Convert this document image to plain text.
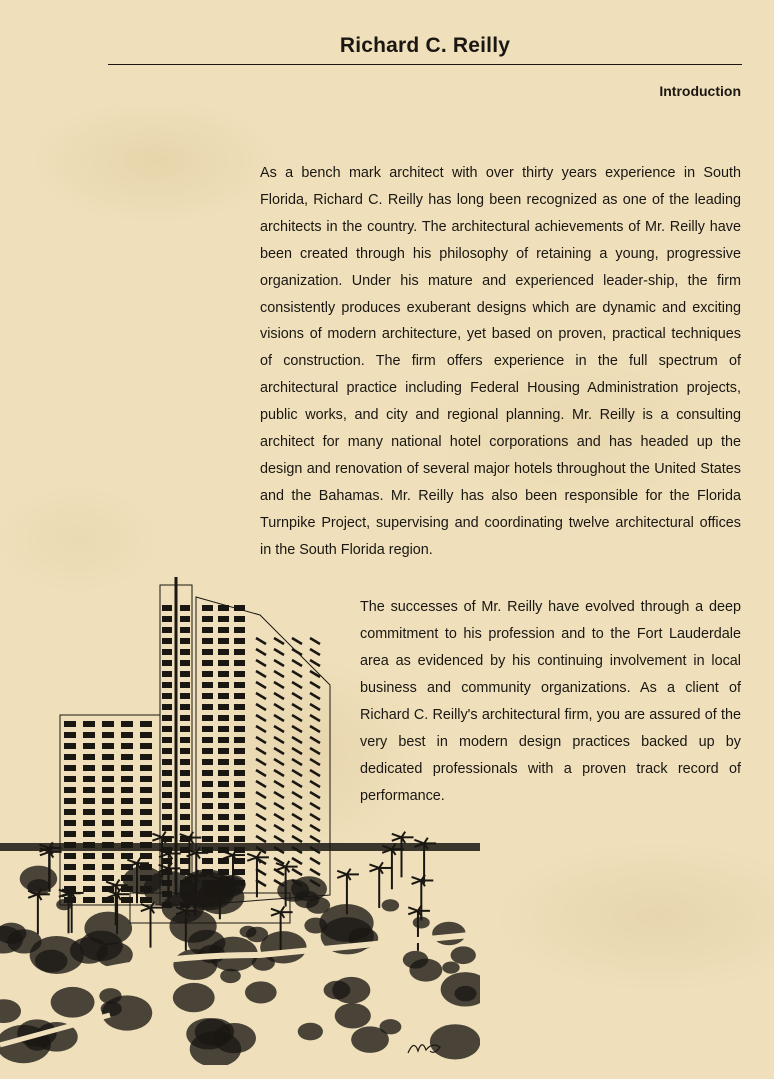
Richard C. Reilly
Introduction

As a bench mark architect with over thirty years experience in South Florida, Richard C. Reilly has long been recognized as one of the leading architects in the country. The architectural achievements of Mr. Reilly have been created through his philosophy of retaining a young, progressive organization. Under his mature and experienced leader-ship, the firm consistently produces exuberant designs which are dynamic and exciting visions of modern architecture, yet based on proven, practical techniques of construction. The firm offers experience in the full spectrum of architectural practice including Federal Housing Administration projects, public works, and city and regional planning. Mr. Reilly is a consulting architect for many national hotel corporations and has headed up the design and renovation of several major hotels throughout the United States and the Bahamas. Mr. Reilly has also been responsible for the Florida Turnpike Project, supervising and coordinating twelve architectural offices in the South Florida region.

The successes of Mr. Reilly have evolved through a deep commitment to his profession and to the Fort Lauderdale area as evidenced by his continuing involvement in local business and community organizations. As a client of Richard C. Reilly's architectural firm, you are assured of the very best in modern design practices backed up by dedicated professionals with a proven track record of performance.
